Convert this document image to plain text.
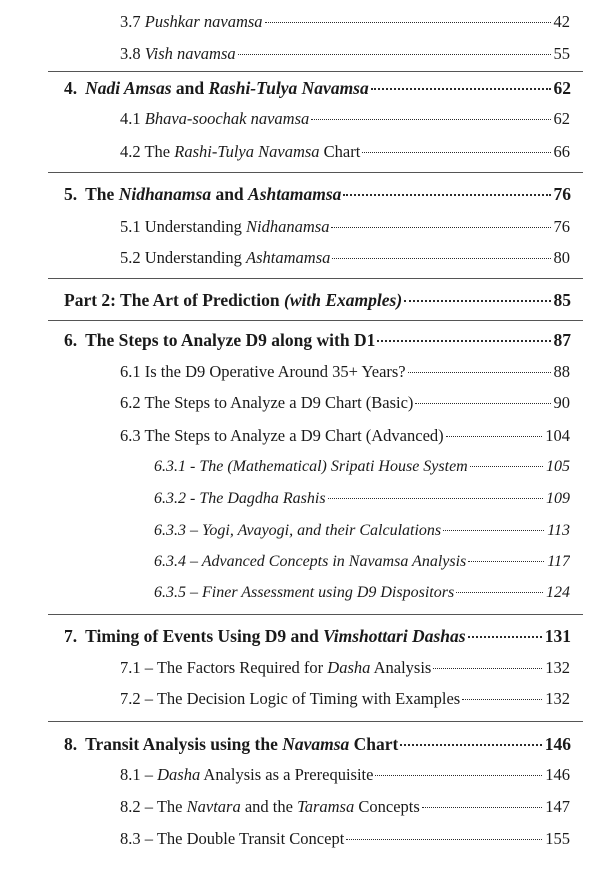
3.7 Pushkar navamsa	42
3.8 Vish navamsa	55
4. Nadi Amsas and Rashi-Tulya Navamsa	62
4.1 Bhava-soochak navamsa	62
4.2 The Rashi-Tulya Navamsa Chart	66
5. The Nidhanamsa and Ashtamamsa	76
5.1 Understanding Nidhanamsa	76
5.2 Understanding Ashtamamsa	80
Part 2: The Art of Prediction (with Examples)	85
6. The Steps to Analyze D9 along with D1	87
6.1 Is the D9 Operative Around 35+ Years?	88
6.2 The Steps to Analyze a D9 Chart (Basic)	90
6.3 The Steps to Analyze a D9 Chart (Advanced)	104
6.3.1 - The (Mathematical) Sripati House System	105
6.3.2 - The Dagdha Rashis	109
6.3.3 – Yogi, Avayogi, and their Calculations	113
6.3.4 – Advanced Concepts in Navamsa Analysis	117
6.3.5 – Finer Assessment using D9 Dispositors	124
7. Timing of Events Using D9 and Vimshottari Dashas	131
7.1 – The Factors Required for Dasha Analysis	132
7.2 – The Decision Logic of Timing with Examples	132
8. Transit Analysis using the Navamsa Chart	146
8.1 – Dasha Analysis as a Prerequisite	146
8.2 – The Navtara and the Taramsa Concepts	147
8.3 – The Double Transit Concept	155
